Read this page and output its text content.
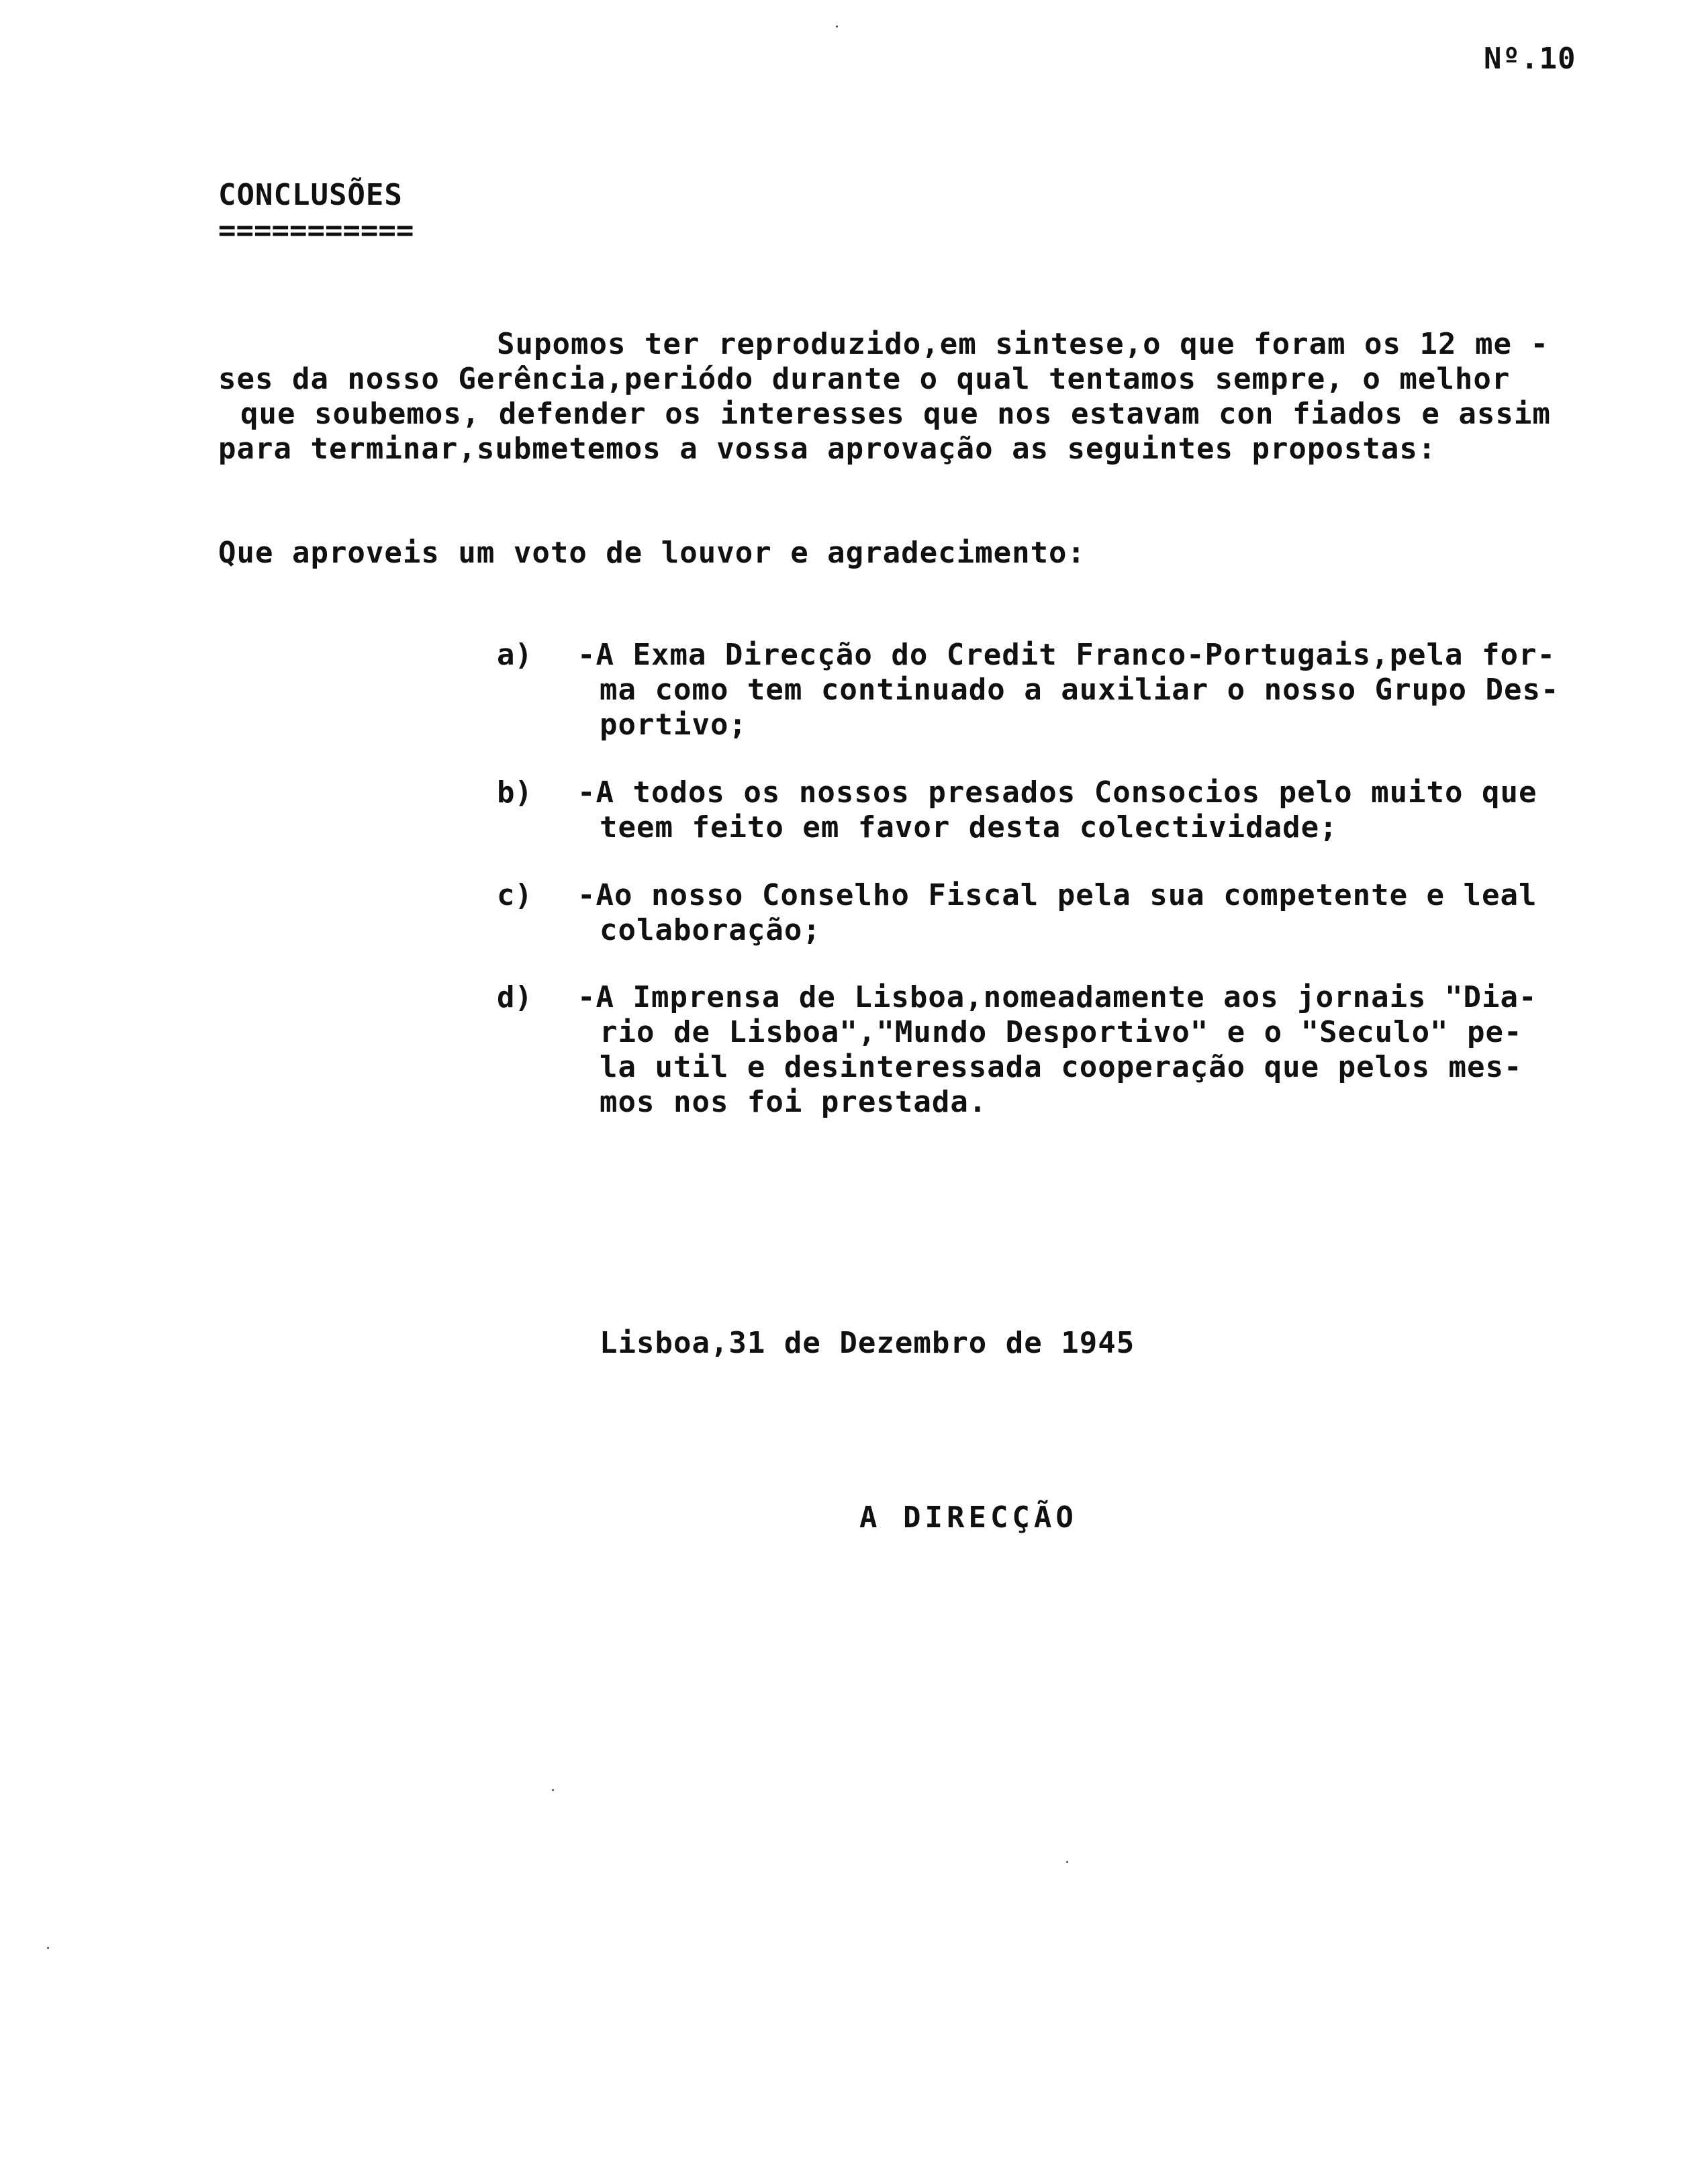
Nº.10
CONCLUSÕES
===========
Supomos ter reproduzido,em sintese,o que foram os 12 me -
ses da nosso Gerência,periódo durante o qual tentamos sempre, o melhor
que soubemos, defender os interesses que nos estavam con fiados e assim
para terminar,submetemos a vossa aprovação as seguintes propostas:
Que aproveis um voto de louvor e agradecimento:
a) -A Exma Direcção do Credit Franco-Portugais,pela for-
ma como tem continuado a auxiliar o nosso Grupo Des-
portivo;
b) -A todos os nossos presados Consocios pelo muito que
teem feito em favor desta colectividade;
c) -Ao nosso Conselho Fiscal pela sua competente e leal
colaboração;
d) -A Imprensa de Lisboa,nomeadamente aos jornais "Dia-
rio de Lisboa","Mundo Desportivo" e o "Seculo" pe-
la util e desinteressada cooperação que pelos mes-
mos nos foi prestada.
Lisboa,31 de Dezembro de 1945
A DIRECÇÃO
